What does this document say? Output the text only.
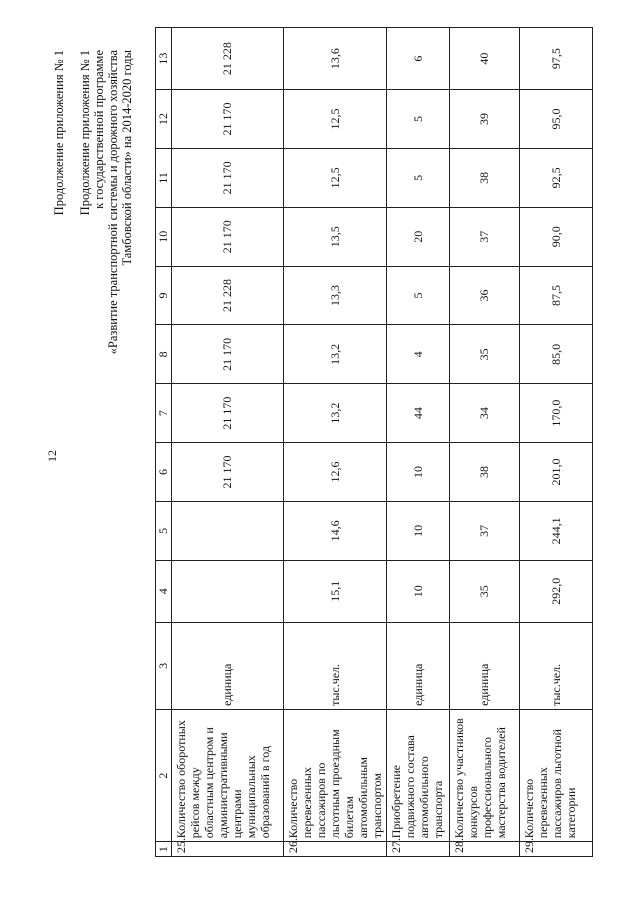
12
Продолжение приложения № 1 Продолжение приложения № 1 к государственной программе «Развитие транспортной системы и дорожного хозяйства Тамбовской области» на 2014-2020 годы
1	2	3	4	5	6	7	8	9	10	11	12	13
25.	Количество оборотных рейсов между областным центром и административными центрами муниципальных образований в год	единица			21 170	21 170	21 170	21 228	21 170	21 170	21 170	21 228
26.	Количество перевезенных пассажиров по льготным проездным билетам автомобильным транспортом	тыс.чел.	15,1	14,6	12,6	13,2	13,2	13,3	13,5	12,5	12,5	13,6
27.	Приобретение подвижного состава автомобильного транспорта	единица	10	10	10	44	4	5	20	5	5	6
28.	Количество участников конкурсов профессионального мастерства водителей	единица	35	37	38	34	35	36	37	38	39	40
29.	Количество перевезенных пассажиров льготной категории	тыс.чел.	292,0	244,1	201,0	170,0	85,0	87,5	90,0	92,5	95,0	97,5
